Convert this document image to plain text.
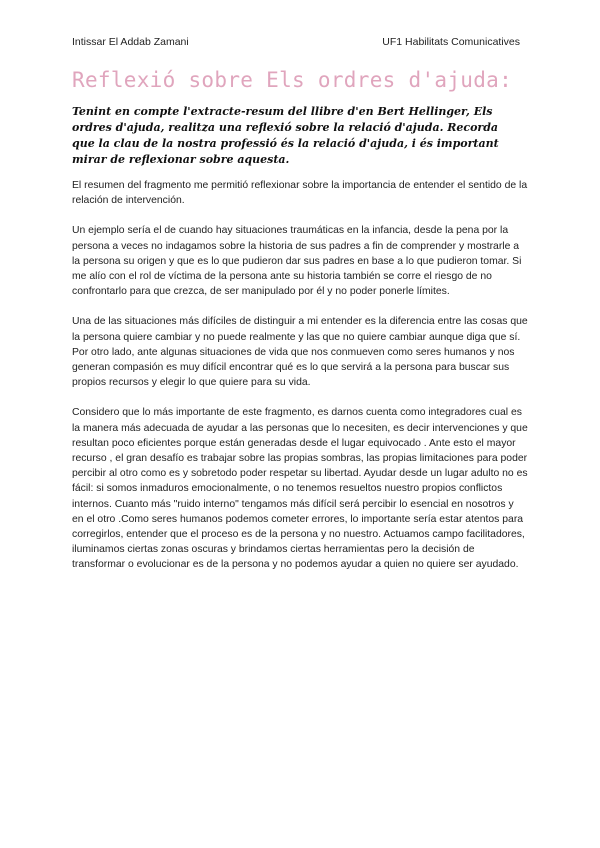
Intissar El Addab Zamani	UF1 Habilitats Comunicatives
Reflexió sobre Els ordres d'ajuda:

Tenint en compte l'extracte-resum del llibre d'en Bert Hellinger, Els ordres d'ajuda, realitza una reflexió sobre la relació d'ajuda. Recorda que la clau de la nostra professió és la relació d'ajuda, i és important mirar de reflexionar sobre aquesta.

El resumen del fragmento me permitió reflexionar sobre la importancia de entender el sentido de la relación de intervención.

Un ejemplo sería el de cuando hay situaciones traumáticas en la infancia, desde la pena por la persona a veces no indagamos sobre la historia de sus padres a fin de comprender y mostrarle a la persona su origen y que es lo que pudieron dar sus padres en base a lo que pudieron tomar. Si me alío con el rol de víctima de la persona ante su historia también se corre el riesgo de no confrontarlo para que crezca, de ser manipulado por él y no poder ponerle límites.

Una de las situaciones más difíciles de distinguir a mi entender es la diferencia entre las cosas que la persona quiere cambiar y no puede realmente y las que no quiere cambiar aunque diga que sí. Por otro lado, ante algunas situaciones de vida que nos conmueven como seres humanos y nos generan compasión es muy difícil encontrar qué es lo que servirá a la persona para buscar sus propios recursos y elegir lo que quiere para su vida.

Considero que lo más importante de este fragmento, es darnos cuenta como integradores cual es la manera más adecuada de ayudar a las personas que lo necesiten, es decir intervenciones y que resultan poco eficientes porque están generadas desde el lugar equivocado . Ante esto el mayor recurso , el gran desafío es trabajar sobre las propias sombras, las propias limitaciones para poder percibir al otro como es y sobretodo poder respetar su libertad. Ayudar desde un lugar adulto no es fácil: si somos inmaduros emocionalmente, o no tenemos resueltos nuestro propios conflictos internos. Cuanto más "ruido interno" tengamos más difícil será percibir lo esencial en nosotros y en el otro .Como seres humanos podemos cometer errores, lo importante sería estar atentos para corregirlos, entender que el proceso es de la persona y no nuestro. Actuamos campo facilitadores, iluminamos ciertas zonas oscuras y brindamos ciertas herramientas pero la decisión de transformar o evolucionar es de la persona y no podemos ayudar a quien no quiere ser ayudado.
